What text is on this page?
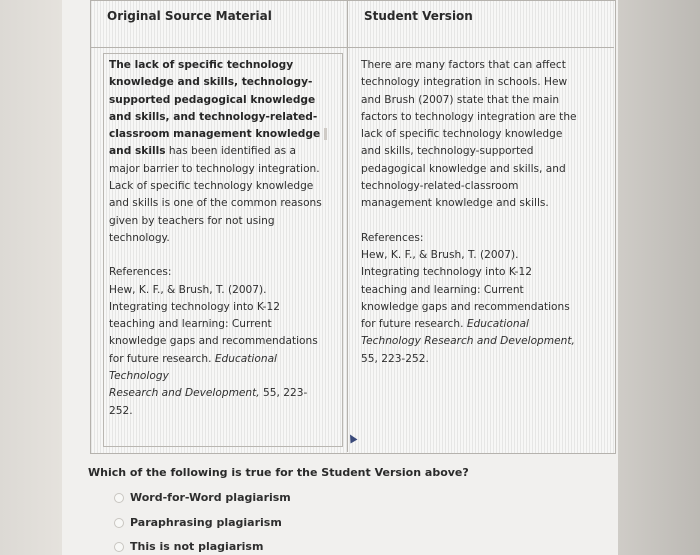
Original Source Material	Student Version

The lack of specific technology

knowledge and skills, technology-

supported pedagogical knowledge

and skills, and technology-related-

classroom management knowledge

and skills has been identified as a

major barrier to technology integration.

Lack of specific technology knowledge

and skills is one of the common reasons

given by teachers for not using

technology.

References:

Hew, K. F., & Brush, T. (2007).

Integrating technology into K-12

teaching and learning: Current

knowledge gaps and recommendations

for future research. Educational

Technology

Research and Development, 55, 223-

252.

There are many factors that can affect

technology integration in schools. Hew

and Brush (2007) state that the main

factors to technology integration are the

lack of specific technology knowledge

and skills, technology-supported

pedagogical knowledge and skills, and

technology-related-classroom

management knowledge and skills.

References:

Hew, K. F., & Brush, T. (2007).

Integrating technology into K-12

teaching and learning: Current

knowledge gaps and recommendations

for future research. Educational

Technology Research and Development,

55, 223-252.

Which of the following is true for the Student Version above?
Word-for-Word plagiarism
Paraphrasing plagiarism
This is not plagiarism
